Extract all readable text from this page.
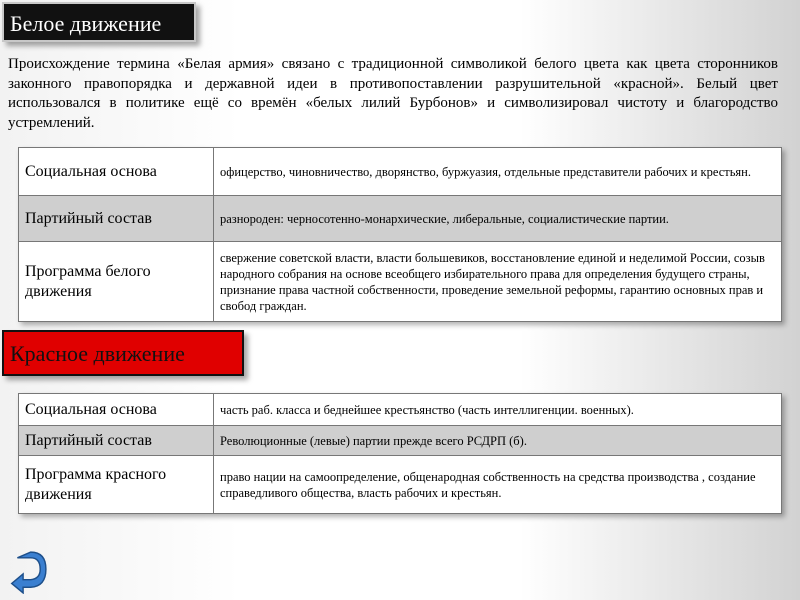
Белое движение

Происхождение термина «Белая армия» связано с традиционной символикой белого цвета как цвета сторонников законного правопорядка и державной идеи в противопоставлении разрушительной «красной». Белый цвет использовался в политике ещё со времён «белых лилий Бурбонов» и символизировал чистоту и благородство устремлений.

Социальная основа	офицерство, чиновничество, дворянство, буржуазия, отдельные представители рабочих и крестьян.
Партийный состав	разнороден: черносотенно-монархические, либеральные, социалистические партии.
Программа белого движения	свержение советской власти, власти большевиков, восстановление единой и неделимой России, созыв народного собрания на основе всеобщего избирательного права для определения будущего страны, признание права частной собственности, проведение земельной реформы, гарантию основных прав и свобод граждан.
Красное движение
Социальная основа	часть раб. класса и беднейшее крестьянство (часть интеллигенции. военных).
Партийный состав	Революционные (левые) партии прежде всего РСДРП (б).
Программа красного движения	право нации на самоопределение, общенародная собственность на средства производства , создание справедливого общества, власть рабочих и крестьян.
